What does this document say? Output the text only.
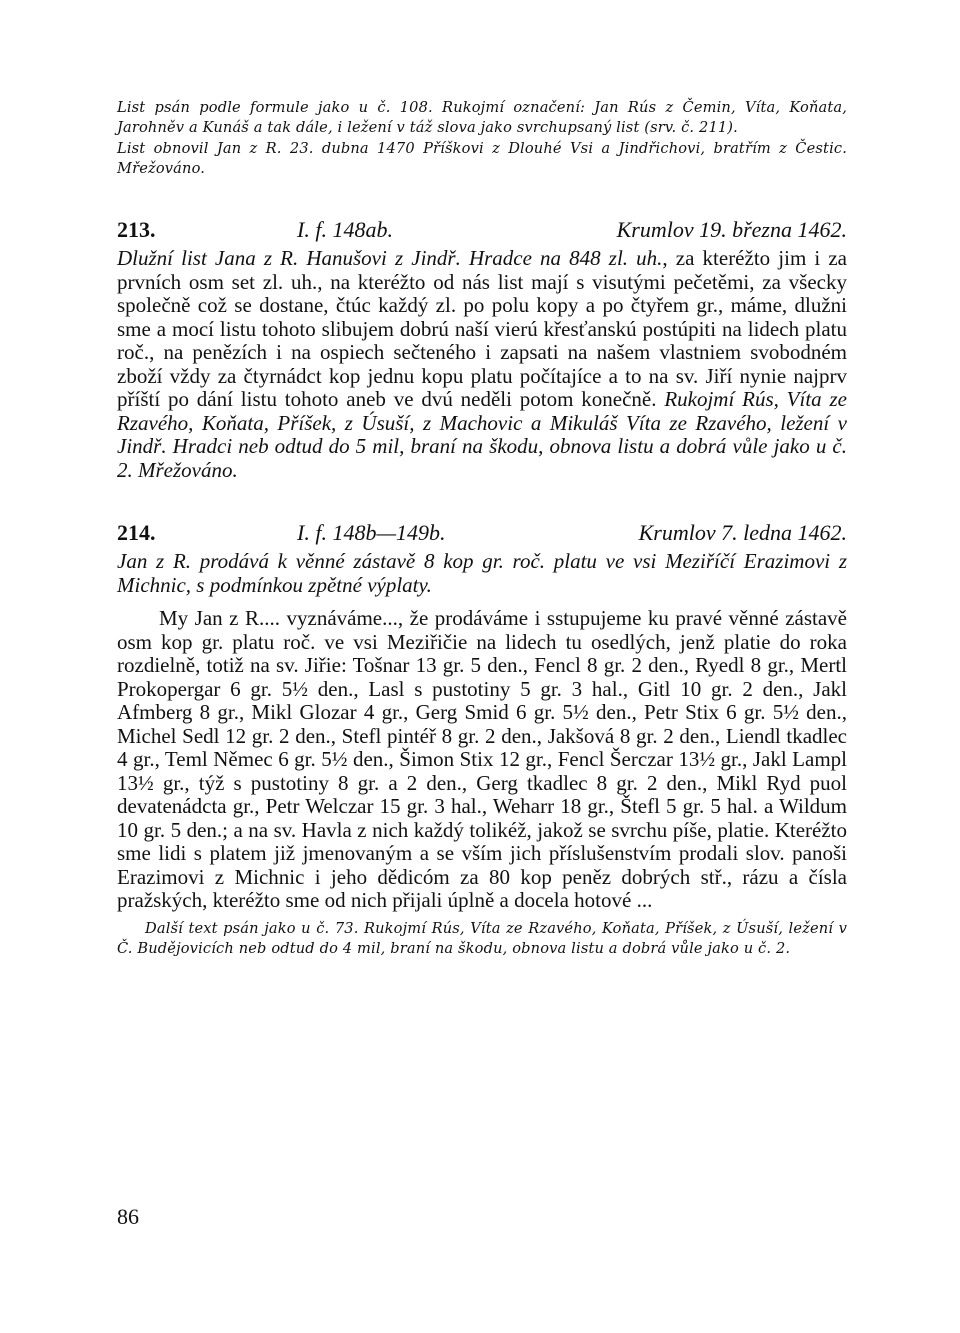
List psán podle formule jako u č. 108. Rukojmí označení: Jan Rús z Čemin, Víta, Koňata, Jarohněv a Kunáš a tak dále, i ležení v táž slova jako svrchupsaný list (srv. č. 211).

List obnovil Jan z R. 23. dubna 1470 Příškovi z Dlouhé Vsi a Jindřichovi, bratřím z Čestic. Mřežováno.

213.	I. f. 148ab.	Krumlov 19. března 1462.

Dlužní list Jana z R. Hanušovi z Jindř. Hradce na 848 zl. uh., za kteréžto jim i za prvních osm set zl. uh., na kteréžto od nás list mají s visutými pečetěmi, za všecky společně což se dostane, čtúc každý zl. po polu kopy a po čtyřem gr., máme, dlužni sme a mocí listu tohoto slibujem dobrú naší vierú křesťanskú postúpiti na lidech platu roč., na penězích i na ospiech sečteného i zapsati na našem vlastniem svobodném zboží vždy za čtyrnádct kop jednu kopu platu počítajíce a to na sv. Jiří nynie najprv příští po dání listu tohoto aneb ve dvú neděli potom konečně. Rukojmí Rús, Víta ze Rzavého, Koňata, Příšek, z Úsuší, z Machovic a Mikuláš Víta ze Rzavého, ležení v Jindř. Hradci neb odtud do 5 mil, braní na škodu, obnova listu a dobrá vůle jako u č. 2. Mřežováno.

214.	I. f. 148b—149b.	Krumlov 7. ledna 1462.

Jan z R. prodává k věnné zástavě 8 kop gr. roč. platu ve vsi Meziříčí Erazimovi z Michnic, s podmínkou zpětné výplaty.

My Jan z R.... vyznáváme..., že prodáváme i sstupujeme ku pravé věnné zástavě osm kop gr. platu roč. ve vsi Meziřičie na lidech tu osedlých, jenž platie do roka rozdielně, totiž na sv. Jiřie: Tošnar 13 gr. 5 den., Fencl 8 gr. 2 den., Ryedl 8 gr., Mertl Prokopergar 6 gr. 5½ den., Lasl s pustotiny 5 gr. 3 hal., Gitl 10 gr. 2 den., Jakl Afmberg 8 gr., Mikl Glozar 4 gr., Gerg Smid 6 gr. 5½ den., Petr Stix 6 gr. 5½ den., Michel Sedl 12 gr. 2 den., Stefl pintéř 8 gr. 2 den., Jakšová 8 gr. 2 den., Liendl tkadlec 4 gr., Teml Němec 6 gr. 5½ den., Šimon Stix 12 gr., Fencl Šerczar 13½ gr., Jakl Lampl 13½ gr., týž s pustotiny 8 gr. a 2 den., Gerg tkadlec 8 gr. 2 den., Mikl Ryd puol devatenádcta gr., Petr Welczar 15 gr. 3 hal., Weharr 18 gr., Štefl 5 gr. 5 hal. a Wildum 10 gr. 5 den.; a na sv. Havla z nich každý tolikéž, jakož se svrchu píše, platie. Kteréžto sme lidi s platem již jmenovaným a se vším jich příslušenstvím prodali slov. panoši Erazimovi z Michnic i jeho dědicóm za 80 kop peněz dobrých stř., rázu a čísla pražských, kteréžto sme od nich přijali úplně a docela hotové ...

Další text psán jako u č. 73. Rukojmí Rús, Víta ze Rzavého, Koňata, Příšek, z Úsuší, ležení v Č. Budějovicích neb odtud do 4 mil, braní na škodu, obnova listu a dobrá vůle jako u č. 2.

86
